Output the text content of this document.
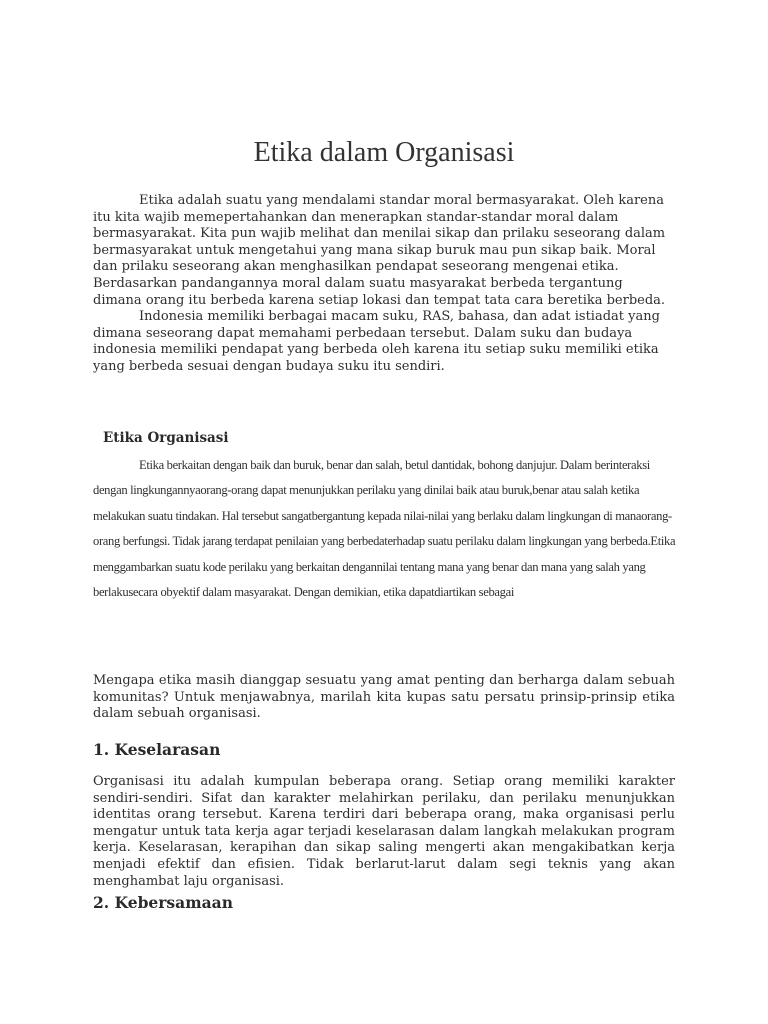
Etika dalam Organisasi

Etika adalah suatu yang mendalami standar moral bermasyarakat. Oleh karena itu kita wajib memepertahankan dan menerapkan standar-standar moral dalam bermasyarakat. Kita pun wajib melihat dan menilai sikap dan prilaku seseorang dalam bermasyarakat untuk mengetahui yang mana sikap buruk mau pun sikap baik. Moral dan prilaku seseorang akan menghasilkan pendapat seseorang mengenai etika. Berdasarkan pandangannya moral dalam suatu masyarakat berbeda tergantung dimana orang itu berbeda karena setiap lokasi dan tempat tata cara beretika berbeda.

Indonesia memiliki berbagai macam suku, RAS, bahasa, dan adat istiadat yang dimana seseorang dapat memahami perbedaan tersebut. Dalam suku dan budaya indonesia memiliki pendapat yang berbeda oleh karena itu setiap suku memiliki etika yang berbeda sesuai dengan budaya suku itu sendiri.

Etika Organisasi
Etika berkaitan dengan baik dan buruk, benar dan salah, betul dantidak, bohong danjujur. Dalam berinteraksi dengan lingkungannyaorang-orang dapat menunjukkan perilaku yang dinilai baik atau buruk,benar atau salah ketika melakukan suatu tindakan. Hal tersebut sangatbergantung kepada nilai-nilai yang berlaku dalam lingkungan di manaorang-orang berfungsi. Tidak jarang terdapat penilaian yang berbedaterhadap suatu perilaku dalam lingkungan yang berbeda.Etika menggambarkan suatu kode perilaku yang berkaitan dengannilai tentang mana yang benar dan mana yang salah yang berlakusecara obyektif dalam masyarakat. Dengan demikian, etika dapatdiartikan sebagai
Mengapa etika masih dianggap sesuatu yang amat penting dan berharga dalam sebuah komunitas? Untuk menjawabnya, marilah kita kupas satu persatu prinsip-prinsip etika dalam sebuah organisasi.
1. Keselarasan
Organisasi itu adalah kumpulan beberapa orang. Setiap orang memiliki karakter sendiri-sendiri. Sifat dan karakter melahirkan perilaku, dan perilaku menunjukkan identitas orang tersebut. Karena terdiri dari beberapa orang, maka organisasi perlu mengatur untuk tata kerja agar terjadi keselarasan dalam langkah melakukan program kerja. Keselarasan, kerapihan dan sikap saling mengerti akan mengakibatkan kerja menjadi efektif dan efisien. Tidak berlarut-larut dalam segi teknis yang akan menghambat laju organisasi.
2. Kebersamaan
